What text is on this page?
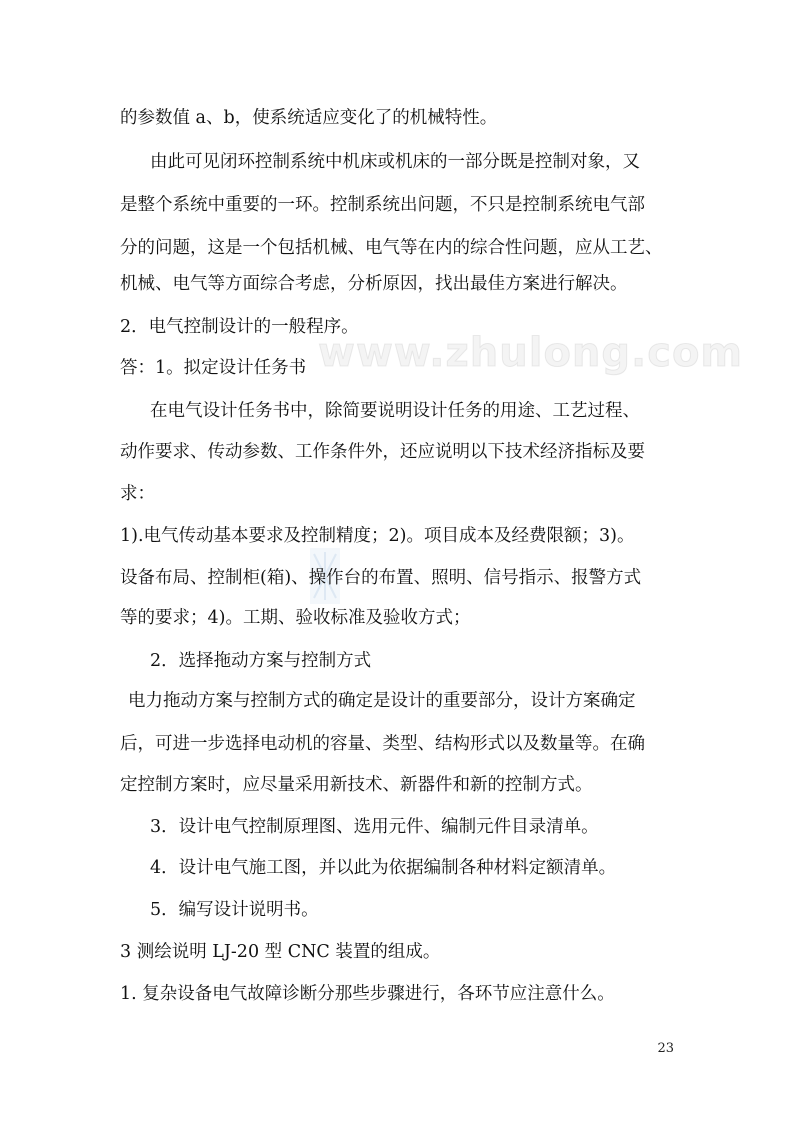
www.zhulong.com
的参数值 a、b，使系统适应变化了的机械特性。
由此可见闭环控制系统中机床或机床的一部分既是控制对象，又
是整个系统中重要的一环。控制系统出问题，不只是控制系统电气部
分的问题，这是一个包括机械、电气等在内的综合性问题，应从工艺、
机械、电气等方面综合考虑，分析原因，找出最佳方案进行解决。
2．电气控制设计的一般程序。
答：1。拟定设计任务书
在电气设计任务书中，除简要说明设计任务的用途、工艺过程、
动作要求、传动参数、工作条件外，还应说明以下技术经济指标及要
求：
1).电气传动基本要求及控制精度；2)。项目成本及经费限额；3)。
设备布局、控制柜(箱)、操作台的布置、照明、信号指示、报警方式
等的要求；4)。工期、验收标准及验收方式；
2．选择拖动方案与控制方式
电力拖动方案与控制方式的确定是设计的重要部分，设计方案确定
后，可进一步选择电动机的容量、类型、结构形式以及数量等。在确
定控制方案时，应尽量采用新技术、新器件和新的控制方式。
3．设计电气控制原理图、选用元件、编制元件目录清单。
4．设计电气施工图，并以此为依据编制各种材料定额清单。
5．编写设计说明书。
3 测绘说明 LJ-20 型 CNC 装置的组成。
1. 复杂设备电气故障诊断分那些步骤进行，各环节应注意什么。
23
